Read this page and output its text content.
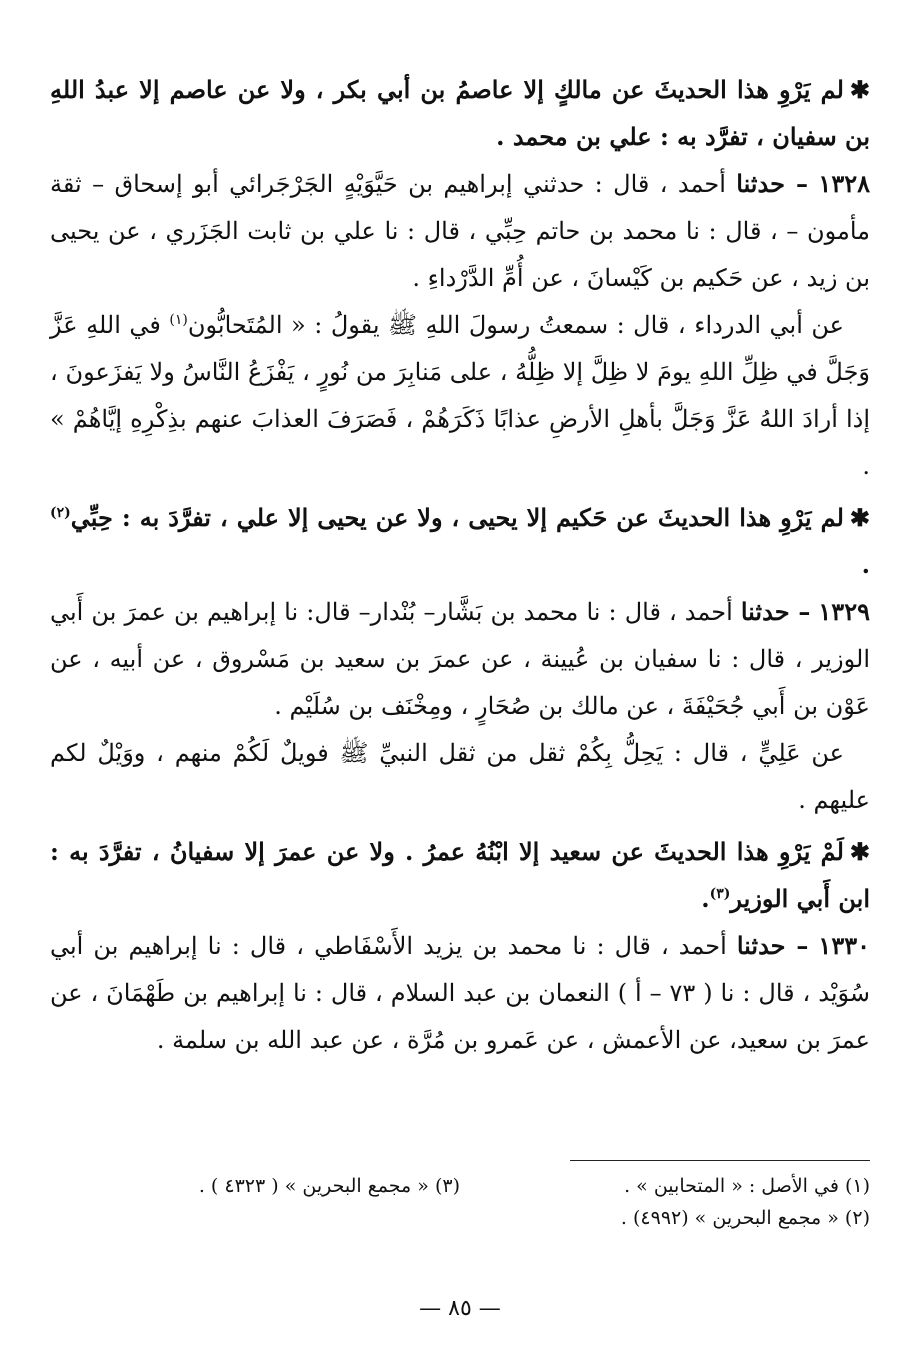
✱لم يَرْوِ هذا الحديثَ عن مالكٍ إلا عاصمُ بن أبي بكر ، ولا عن عاصم إلا عبدُ اللهِ بن سفيان ، تفرَّد به : علي بن محمد .

١٣٢٨ – حدثنا أحمد ، قال : حدثني إبراهيم بن حَيَّوَيْهٍ الجَرْجَرائي أبو إسحاق – ثقة مأمون – ، قال : نا محمد بن حاتم حِبِّي ، قال : نا علي بن ثابت الجَزَري ، عن يحيى بن زيد ، عن حَكيم بن كَيْسانَ ، عن أُمِّ الدَّرْداءِ .

عن أبي الدرداء ، قال : سمعتُ رسولَ اللهِ ﷺ يقولُ : « المُتَحابُّون$^{(١)}$ في اللهِ عَزَّ وَجَلَّ في ظِلِّ اللهِ يومَ لا ظِلَّ إلا ظِلُّهُ ، على مَنابِرَ من نُورٍ ، يَفْزَعُ النَّاسُ ولا يَفزَعونَ ، إذا أرادَ اللهُ عَزَّ وَجَلَّ بأهلِ الأرضِ عذابًا ذَكَرَهُمْ ، فَصَرَفَ العذابَ عنهم بذِكْرِهِ إيَّاهُمْ » .

✱لم يَرْوِ هذا الحديثَ عن حَكيم إلا يحيى ، ولا عن يحيى إلا علي ، تفرَّدَ به : حِبِّي$^{(٢)}$ .

١٣٢٩ – حدثنا أحمد ، قال : نا محمد بن بَشَّار– بُنْدار– قال: نا إبراهيم بن عمرَ بن أَبي الوزير ، قال : نا سفيان بن عُيينة ، عن عمرَ بن سعيد بن مَسْروق ، عن أبيه ، عن عَوْن بن أَبي جُحَيْفَةَ ، عن مالك بن صُحَارٍ ، ومِخْنَف بن سُلَيْم .

عن عَلِيٍّ ، قال : يَحِلُّ بِكُمْ ثقل من ثقل النبيِّ ﷺ فويلٌ لَكُمْ منهم ، ووَيْلٌ لكم عليهم .

✱لَمْ يَرْوِ هذا الحديثَ عن سعيد إلا ابْنُهُ عمرُ . ولا عن عمرَ إلا سفيانُ ، تفرَّدَ به : ابن أَبي الوزير$^{(٣)}$.

١٣٣٠ – حدثنا أحمد ، قال : نا محمد بن يزيد الأَسْفَاطي ، قال : نا إبراهيم بن أبي سُوَيْد ، قال : نا ( ٧٣ – أ ) النعمان بن عبد السلام ، قال : نا إبراهيم بن طَهْمَانَ ، عن عمرَ بن سعيد، عن الأعمش ، عن عَمرو بن مُرَّة ، عن عبد الله بن سلمة .

(١) في الأصل : « المتحابين » .
(٣) « مجمع البحرين » ( ٤٣٢٣ ) .
(٢) « مجمع البحرين » (٤٩٩٢) .
— ٨٥ —
